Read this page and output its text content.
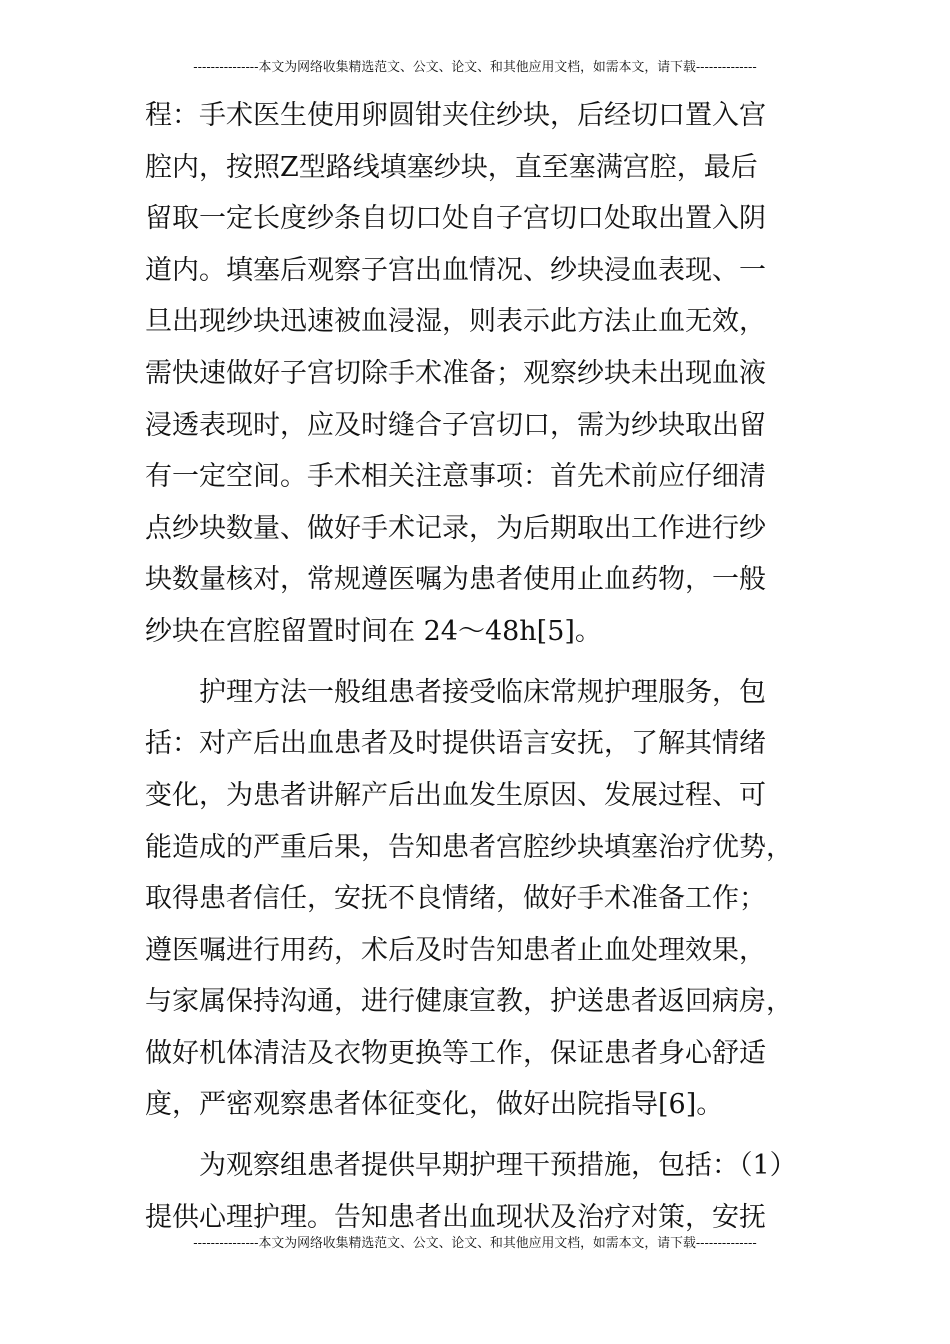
---------------本文为网络收集精选范文、公文、论文、和其他应用文档，如需本文，请下载--------------
程：手术医生使用卵圆钳夹住纱块，后经切口置入宫
腔内，按照Z型路线填塞纱块，直至塞满宫腔，最后
留取一定长度纱条自切口处自子宫切口处取出置入阴
道内。填塞后观察子宫出血情况、纱块浸血表现、一
旦出现纱块迅速被血浸湿，则表示此方法止血无效，
需快速做好子宫切除手术准备；观察纱块未出现血液
浸透表现时，应及时缝合子宫切口，需为纱块取出留
有一定空间。手术相关注意事项：首先术前应仔细清
点纱块数量、做好手术记录，为后期取出工作进行纱
块数量核对，常规遵医嘱为患者使用止血药物，一般
纱块在宫腔留置时间在 24～48h[5]。
　　护理方法一般组患者接受临床常规护理服务，包
括：对产后出血患者及时提供语言安抚，了解其情绪
变化，为患者讲解产后出血发生原因、发展过程、可
能造成的严重后果，告知患者宫腔纱块填塞治疗优势，
取得患者信任，安抚不良情绪，做好手术准备工作；
遵医嘱进行用药，术后及时告知患者止血处理效果，
与家属保持沟通，进行健康宣教，护送患者返回病房，
做好机体清洁及衣物更换等工作，保证患者身心舒适
度，严密观察患者体征变化，做好出院指导[6]。
　　为观察组患者提供早期护理干预措施，包括：（1）
提供心理护理。告知患者出血现状及治疗对策，安抚
---------------本文为网络收集精选范文、公文、论文、和其他应用文档，如需本文，请下载--------------
